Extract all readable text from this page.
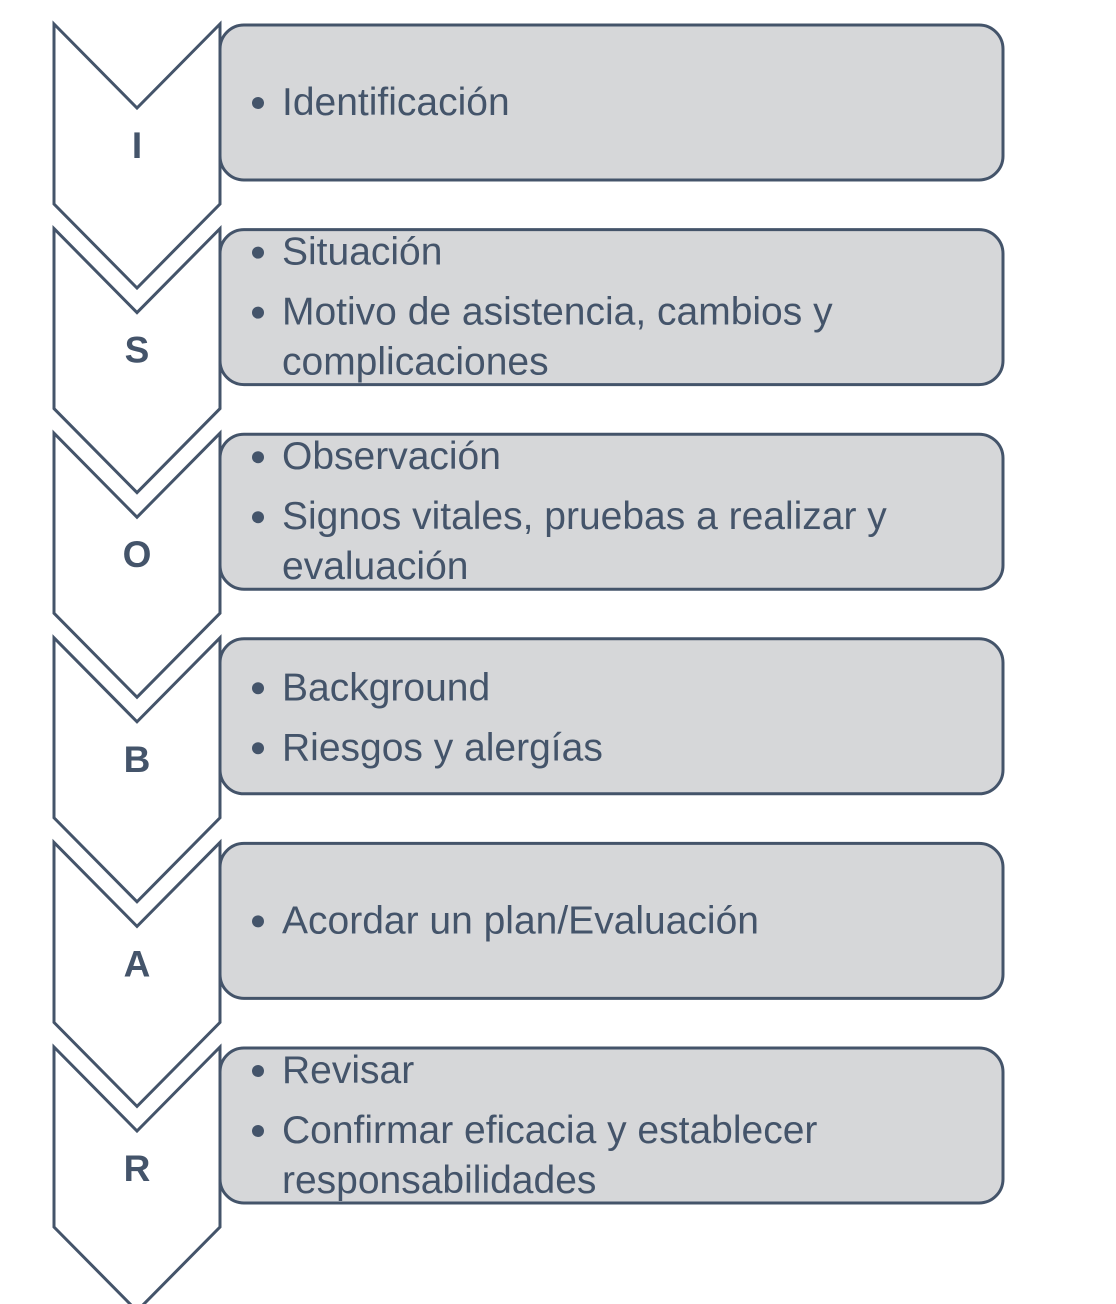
I
S
O
B
A
R
Identificación
Situación
Motivo de asistencia, cambios y
complicaciones
Observación
Signos vitales, pruebas a realizar y
evaluación
Background
Riesgos y alergías
Acordar un plan/Evaluación
Revisar
Confirmar eficacia y establecer
responsabilidades
